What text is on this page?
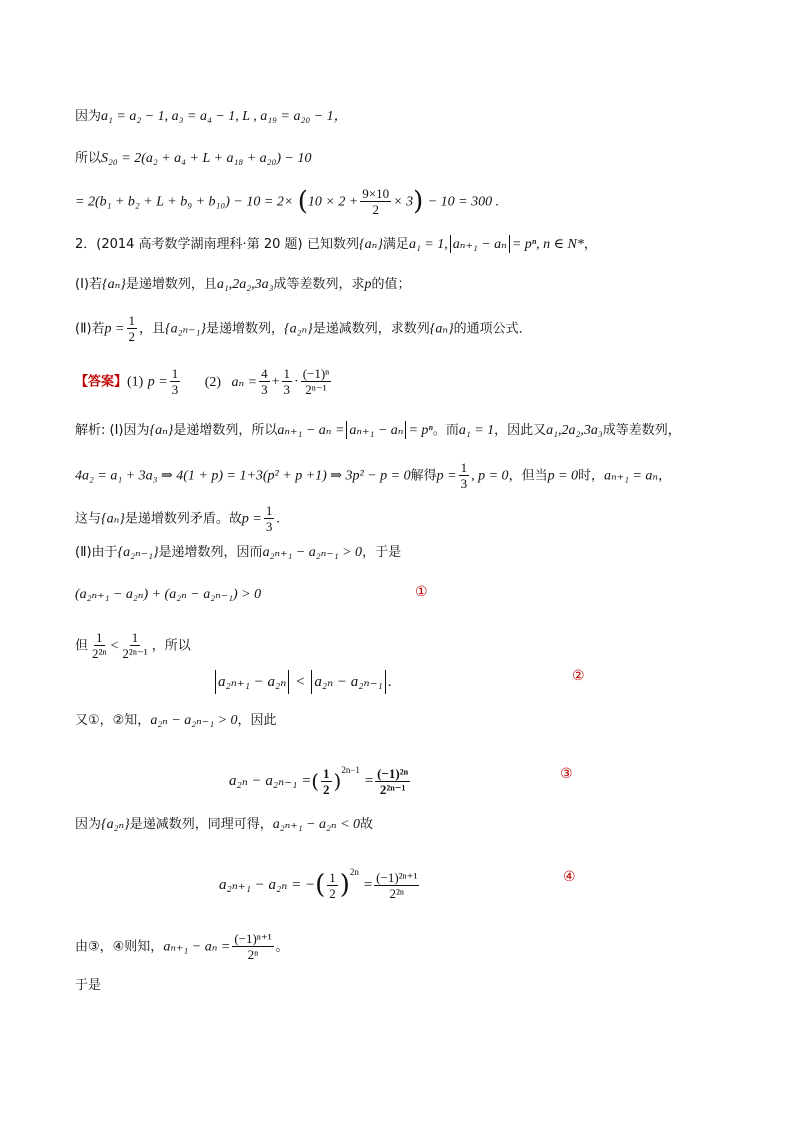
因为a₁ = a₂ − 1, a₃ = a₄ − 1, L , a₁₉ = a₂₀ − 1，
所以S₂₀ = 2(a₂ + a₄ + L + a₁₈ + a₂₀) − 10
= $2(b_1 + b_2 + L + b_9 + b_{10}) - 10 = 2\times (10 \times 2 + \frac{9\times 10}{2} \times 3) - 10 = 300$ .
2．(2014 高考数学湖南理科·第 20 题) 已知数列{aₙ}满足a₁ = 1, aₙ₊₁ − aₙ = pⁿ, n ∈ N*，
(Ⅰ)若{aₙ}是递增数列，且a₁,2a₂,3a₃成等差数列，求p的值；
(Ⅱ)若$p = \frac{1}{2}$ ，且{a₂ₙ₋₁}是递增数列，{a₂ₙ}是递减数列，求数列{aₙ}的通项公式．
【答案】(1) $p = \frac{1}{3} (2) a_n = \frac{4}{3} + \frac{1}{3} \cdot \frac{\text{(−1)ⁿ}}{\text{2ⁿ⁻¹}}$
解析: (Ⅰ)因为{aₙ}是递增数列，所以aₙ₊₁ − aₙ = aₙ₊₁ − aₙ = pⁿ。而a₁ = 1，因此又a₁,2a₂,3a₃成等差数列，
4a₂ = a₁ + 3a₃ ⇒ 4(1 + p) = 1+3(p² + p +1) ⇒ 3p² − p = 0解得$p = \frac{1}{3}$ , p = 0，但当p = 0时，aₙ₊₁ = aₙ，
这与{aₙ}是递增数列矛盾。故$p = \frac{1}{3}$ .
(Ⅱ)由于{a₂ₙ₋₁}是递增数列，因而a₂ₙ₊₁ − a₂ₙ₋₁ > 0，于是
(a₂ₙ₊₁ − a₂ₙ) + (a₂ₙ − a₂ₙ₋₁) > 0	①
但 $\frac{1}{\text{2²ⁿ}} < \frac{1}{\text{2²ⁿ⁻¹}}$ ，所以
a₂ₙ₊₁ − a₂ₙ < a₂ₙ − a₂ₙ₋₁ .	②
又①，②知，a₂ₙ − a₂ₙ₋₁ > 0，因此
a₂ₙ − a₂ₙ₋₁ =( $\frac{1}{2} )^{2n-1} = \frac{\text{(−1)²ⁿ}}{\text{2²ⁿ⁻¹}}$	③
因为{a₂ₙ}是递减数列，同理可得，a₂ₙ₊₁ − a₂ₙ < 0故
a₂ₙ₊₁ − a₂ₙ = −( $\frac{1}{2} )^{2n} = \frac{\text{(−1)²ⁿ⁺¹}}{\text{2²ⁿ}}$	④
由③，④则知，$a_{n+1} - a_n = \frac{\text{(−1)ⁿ⁺¹}}{\text{2ⁿ}}$ 。
于是
